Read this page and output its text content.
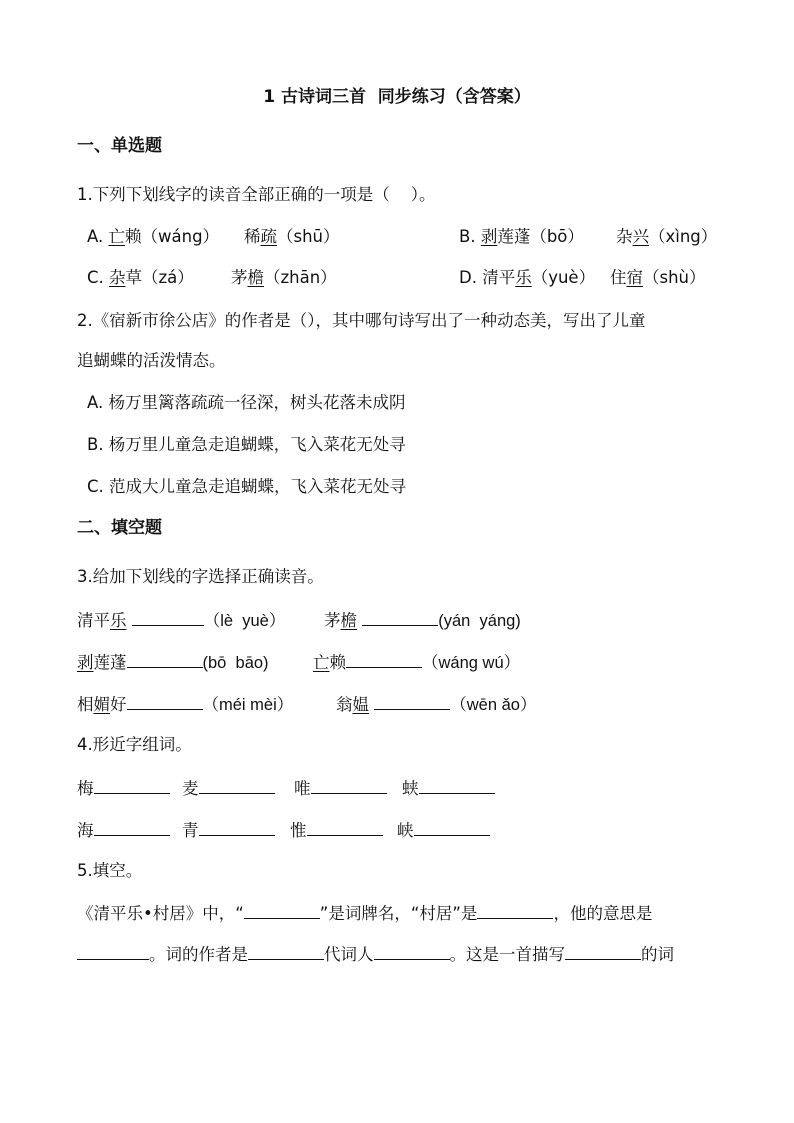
1 古诗词三首  同步练习（含答案）
一、单选题
1.下列下划线字的读音全部正确的一项是（    ）。
A. 亡赖（wáng） 稀疏（shū）	B. 剥莲蓬（bō） 杂兴（xìng）
C. 杂草（zá） 茅檐（zhān）	D. 清平乐（yuè） 住宿（shù）
2.《宿新市徐公店》的作者是（），其中哪句诗写出了一种动态美，写出了儿童
追蝴蝶的活泼情态。
A. 杨万里篱落疏疏一径深，树头花落未成阴
B. 杨万里儿童急走追蝴蝶，飞入菜花无处寻
C. 范成大儿童急走追蝴蝶，飞入菜花无处寻
二、填空题
3.给加下划线的字选择正确读音。
清平乐	（lè  yuè） 茅檐	(yán  yáng)
剥莲蓬	(bō  bāo)	亡赖	（wáng wú）
相媚好	（méi mèi）	翁媪	（wēn ǎo）
4.形近字组词。
梅	麦	唯	蛱
海	青	惟	峡
5.填空。
《清平乐•村居》中，“	”是词牌名，“村居”是	，他的意思是
。词的作者是	代词人	。这是一首描写	的词
